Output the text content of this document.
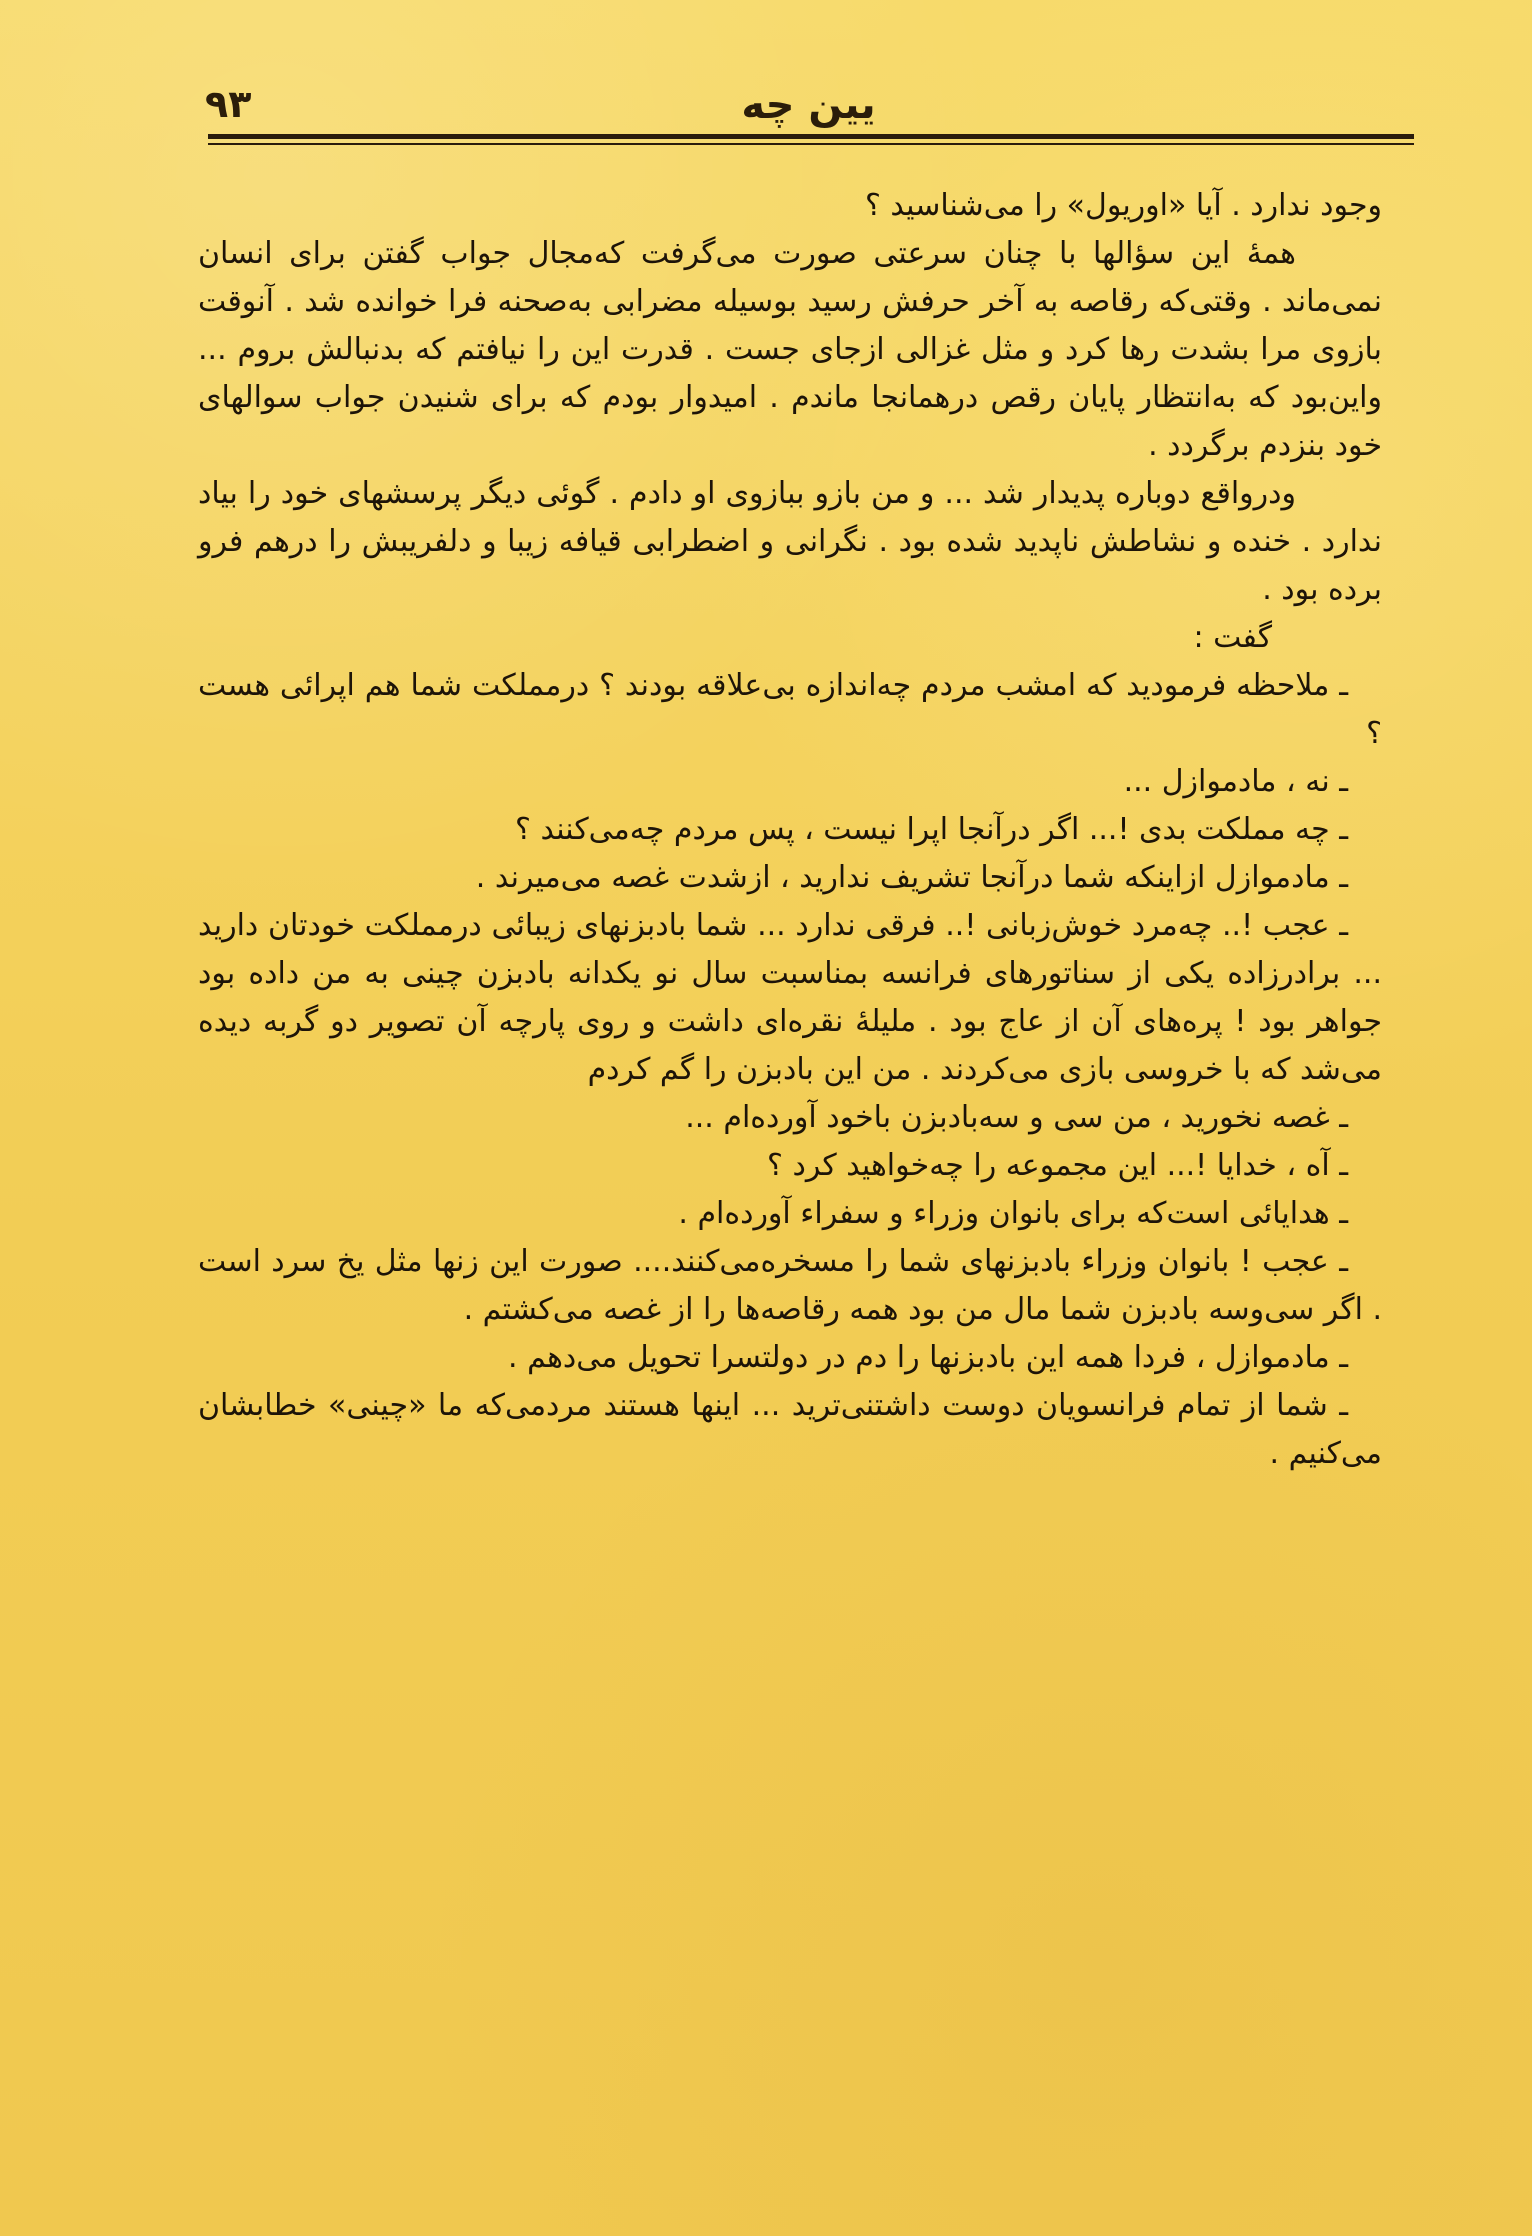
۹۳	یین چه

وجود ندارد . آیا «اوریول» را می‌شناسید ؟

همهٔ این سؤالها با چنان سرعتی صورت می‌گرفت که‌مجال جواب گفتن برای انسان نمی‌ماند . وقتی‌که رقاصه به آخر حرفش رسید بوسیله مضرابی به‌صحنه فرا خوانده شد . آنوقت بازوی مرا بشدت رها کرد و مثل غزالی ازجای جست . قدرت این را نیافتم که بدنبالش بروم ... واین‌بود که به‌انتظار پایان رقص درهمانجا ماندم . امیدوار بودم که برای شنیدن جواب سوالهای خود بنزدم برگردد .

ودرواقع دوباره پدیدار شد ... و من بازو ببازوی او دادم . گوئی دیگر پرسشهای خود را بیاد ندارد . خنده و نشاطش ناپدید شده بود . نگرانی و اضطرابی قیافه زیبا و دلفریبش را درهم فرو برده بود .

گفت :

ـ ملاحظه فرمودید که امشب مردم چه‌اندازه بی‌علاقه بودند ؟ درمملکت شما هم اپرائی هست ؟

ـ نه ، مادموازل ...

ـ چه مملکت بدی !... اگر درآنجا اپرا نیست ، پس مردم چه‌می‌کنند ؟

ـ مادموازل ازاینکه شما درآنجا تشریف ندارید ، ازشدت غصه می‌میرند .

ـ عجب !.. چه‌مرد خوش‌زبانی !.. فرقی ندارد ... شما بادبزنهای زیبائی درمملکت خودتان دارید ... برادرزاده یکی از سناتورهای فرانسه بمناسبت سال نو یکدانه بادبزن چینی به من داده بود جواهر بود ! پره‌های آن از عاج بود . ملیلهٔ نقره‌ای داشت و روی پارچه آن تصویر دو گربه دیده می‌شد که با خروسی بازی می‌کردند . من این بادبزن را گم کردم

ـ غصه نخورید ، من سی و سه‌بادبزن باخود آورده‌ام ...

ـ آه ، خدایا !... این مجموعه را چه‌خواهید کرد ؟

ـ هدایائی است‌که برای بانوان وزراء و سفراء آورده‌ام .

ـ عجب ! بانوان وزراء بادبزنهای شما را مسخره‌می‌کنند.... صورت این زنها مثل یخ سرد است . اگر سی‌وسه بادبزن شما مال من بود همه رقاصه‌ها را از غصه می‌کشتم .

ـ مادموازل ، فردا همه این بادبزنها را دم در دولتسرا تحویل می‌دهم .

ـ شما از تمام فرانسویان دوست داشتنی‌ترید ... اینها هستند مردمی‌که ما «چینی» خطابشان می‌کنیم .
